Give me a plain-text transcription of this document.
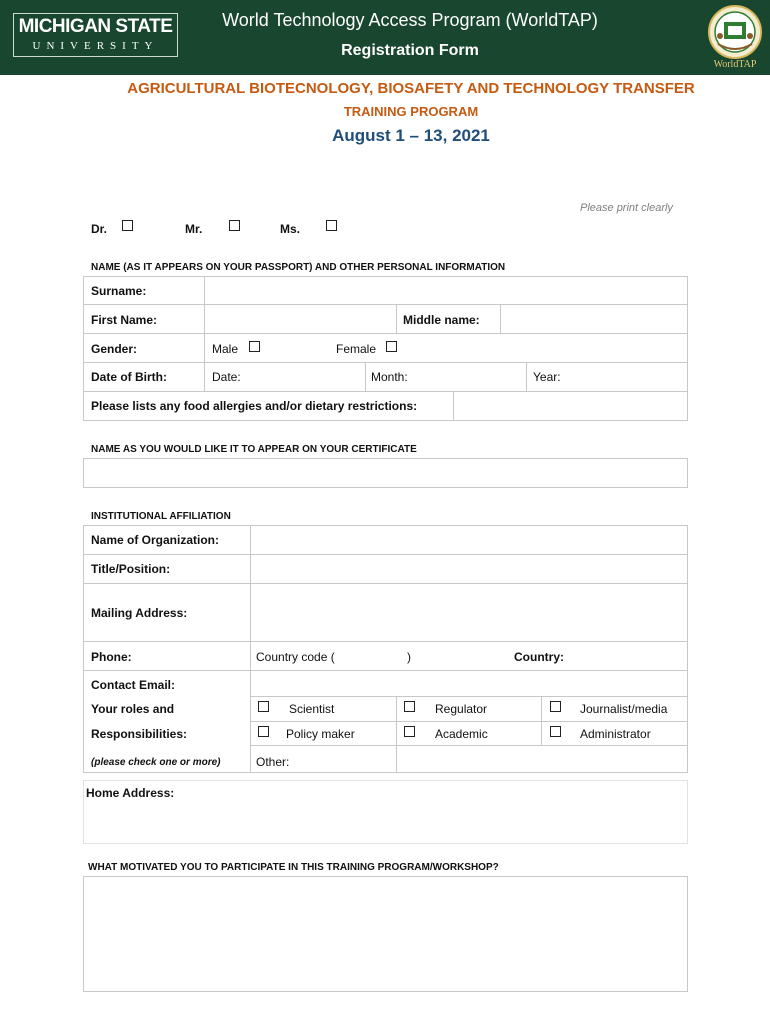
MICHIGAN STATE
UNIVERSITY
World Technology Access Program (WorldTAP)
Registration Form
WorldTAP
AGRICULTURAL BIOTECNOLOGY, BIOSAFETY AND TECHNOLOGY TRANSFER
TRAINING PROGRAM
August 1 – 13, 2021
Please print clearly
Dr.	Mr.	Ms.
NAME (AS IT APPEARS ON YOUR PASSPORT) AND OTHER PERSONAL INFORMATION
Surname:
First Name:	Middle name:
Gender:	Male	Female
Date of Birth:	Date:	Month:	Year:
Please lists any food allergies and/or dietary restrictions:
NAME AS YOU WOULD LIKE IT TO APPEAR ON YOUR CERTIFICATE
INSTITUTIONAL AFFILIATION
Name of Organization:
Title/Position:
Mailing Address:
Phone:	Country code (	)	Country:
Contact Email:
Your roles and
Responsibilities:
(please check one or more)
Scientist	Regulator	Journalist/media
Policy maker	Academic	Administrator
Other:
Home Address:
WHAT MOTIVATED YOU TO PARTICIPATE IN THIS TRAINING PROGRAM/WORKSHOP?
